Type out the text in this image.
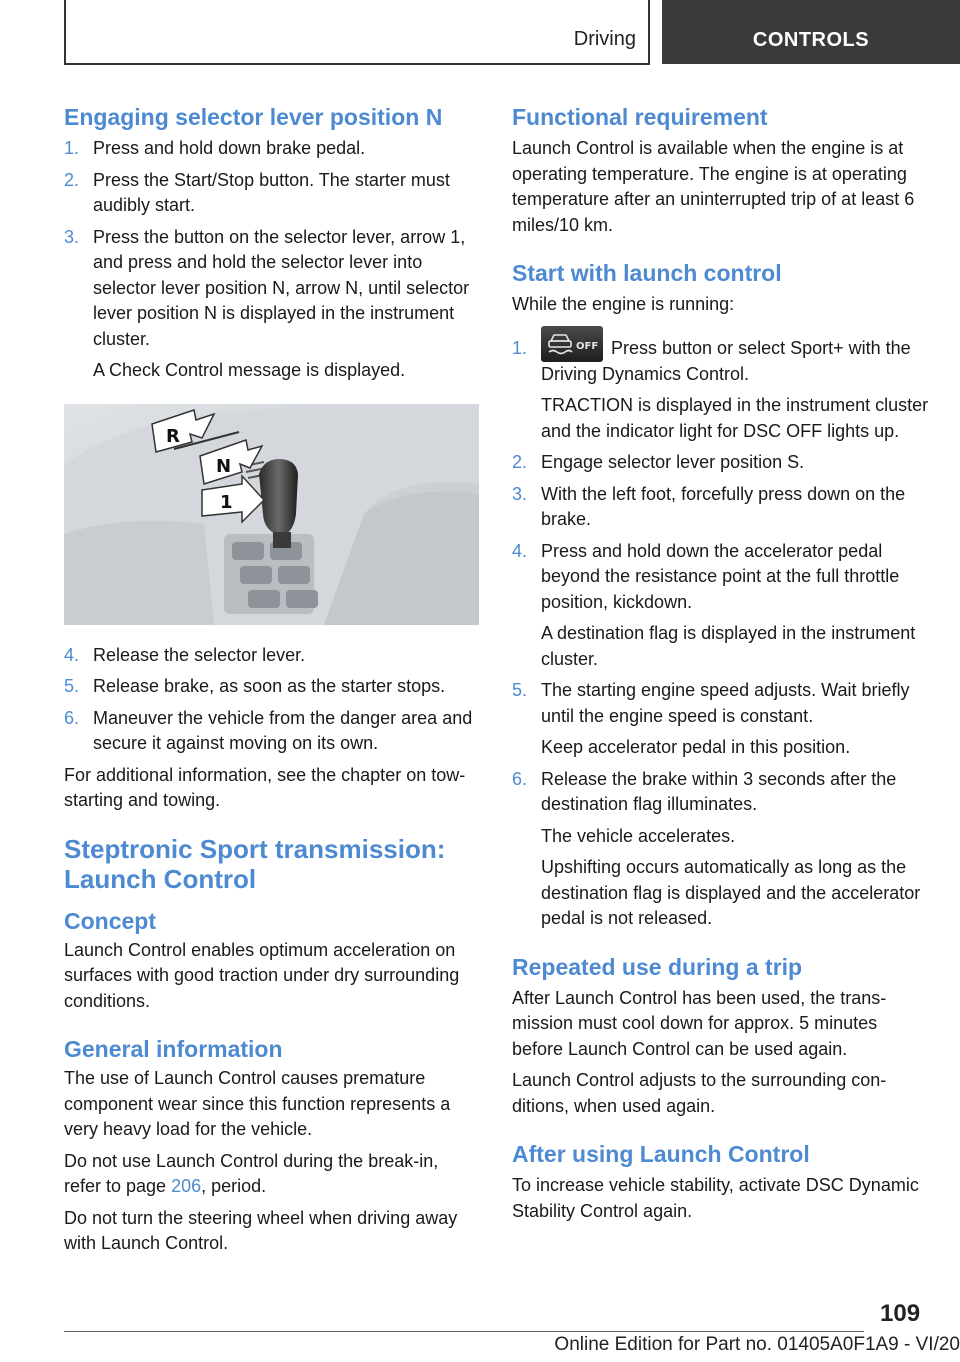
Driving	CONTROLS
Engaging selector lever position N
1. Press and hold down brake pedal.
2. Press the Start/Stop button. The starter must audibly start.
3. Press the button on the selector lever, arrow 1, and press and hold the selector lever into selector lever position N, arrow N, until selector lever position N is displayed in the instrument cluster.
A Check Control message is displayed.
R
N
1
4. Release the selector lever.
5. Release brake, as soon as the starter stops.
6. Maneuver the vehicle from the danger area and secure it against moving on its own.

For additional information, see the chapter on tow-starting and towing.

Steptronic Sport transmission: Launch Control
Concept

Launch Control enables optimum acceleration on surfaces with good traction under dry surrounding conditions.

General information

The use of Launch Control causes premature component wear since this function represents a very heavy load for the vehicle.

Do not use Launch Control during the break-in, refer to page 206, period.

Do not turn the steering wheel when driving away with Launch Control.

Functional requirement

Launch Control is available when the engine is at operating temperature. The engine is at operating temperature after an uninterrupted trip of at least 6 miles/10 km.

Start with launch control

While the engine is running:

1.	OFF Press button or select Sport+ with the Driving Dynamics Control.
TRACTION is displayed in the instrument cluster and the indicator light for DSC OFF lights up.
2. Engage selector lever position S.
3. With the left foot, forcefully press down on the brake.
4. Press and hold down the accelerator pedal beyond the resistance point at the full throttle position, kickdown.
A destination flag is displayed in the instrument cluster.
5. The starting engine speed adjusts. Wait briefly until the engine speed is constant.
Keep accelerator pedal in this position.
6. Release the brake within 3 seconds after the destination flag illuminates.
The vehicle accelerates.
Upshifting occurs automatically as long as the destination flag is displayed and the accelerator pedal is not released.
Repeated use during a trip

After Launch Control has been used, the transmission must cool down for approx. 5 minutes before Launch Control can be used again.

Launch Control adjusts to the surrounding conditions, when used again.

After using Launch Control

To increase vehicle stability, activate DSC Dynamic Stability Control again.

109
Online Edition for Part no. 01405A0F1A9 - VI/20
